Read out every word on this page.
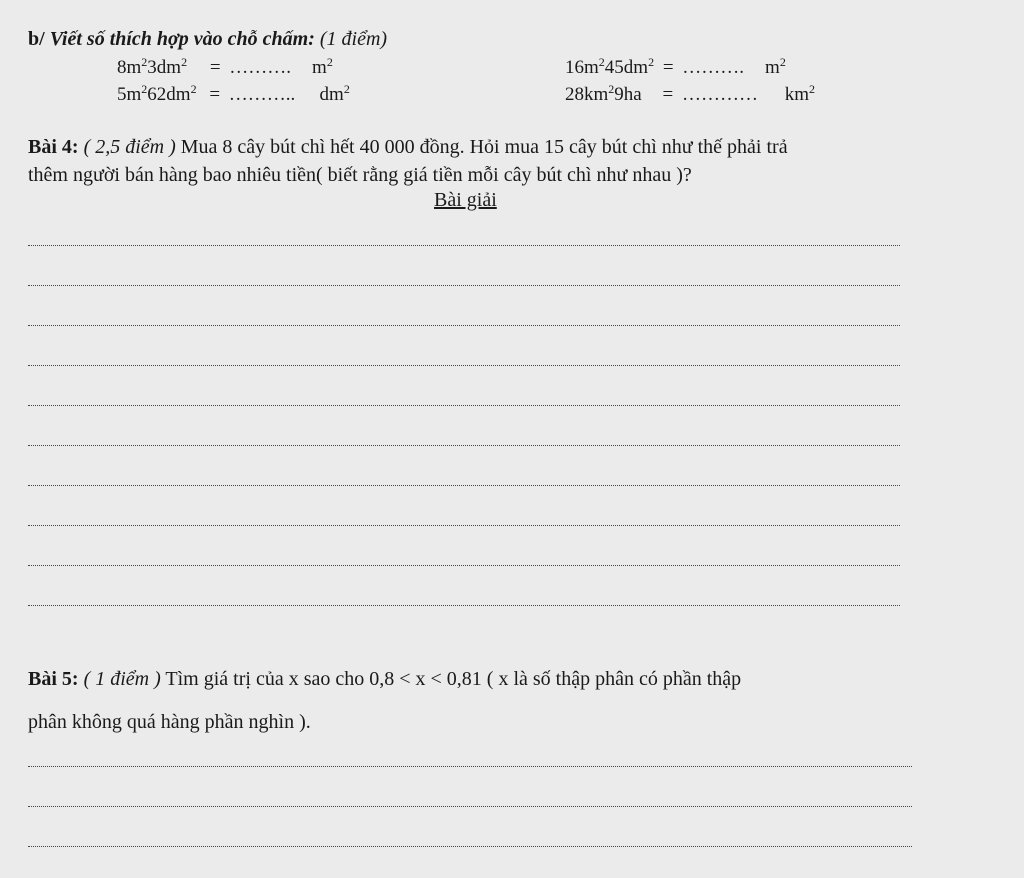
b/ Viết số thích hợp vào chỗ chấm: (1 điểm)
$8m^23dm^2$ = ………. $m^2$	$16m^245dm^2$ = ………. $m^2$
$5m^262dm^2$ = ……….. $dm^2$	$28km^29ha$ = ………… $km^2$
Bài 4: ( 2,5 điểm ) Mua 8 cây bút chì hết 40 000 đồng. Hỏi mua 15 cây bút chì như thế phải trả
thêm người bán hàng bao nhiêu tiền( biết rằng giá tiền mỗi cây bút chì như nhau )?
Bài giải
Bài 5: ( 1 điểm ) Tìm giá trị của x sao cho 0,8 < x < 0,81 ( x là số thập phân có phần thập
phân không quá hàng phần nghìn ).
